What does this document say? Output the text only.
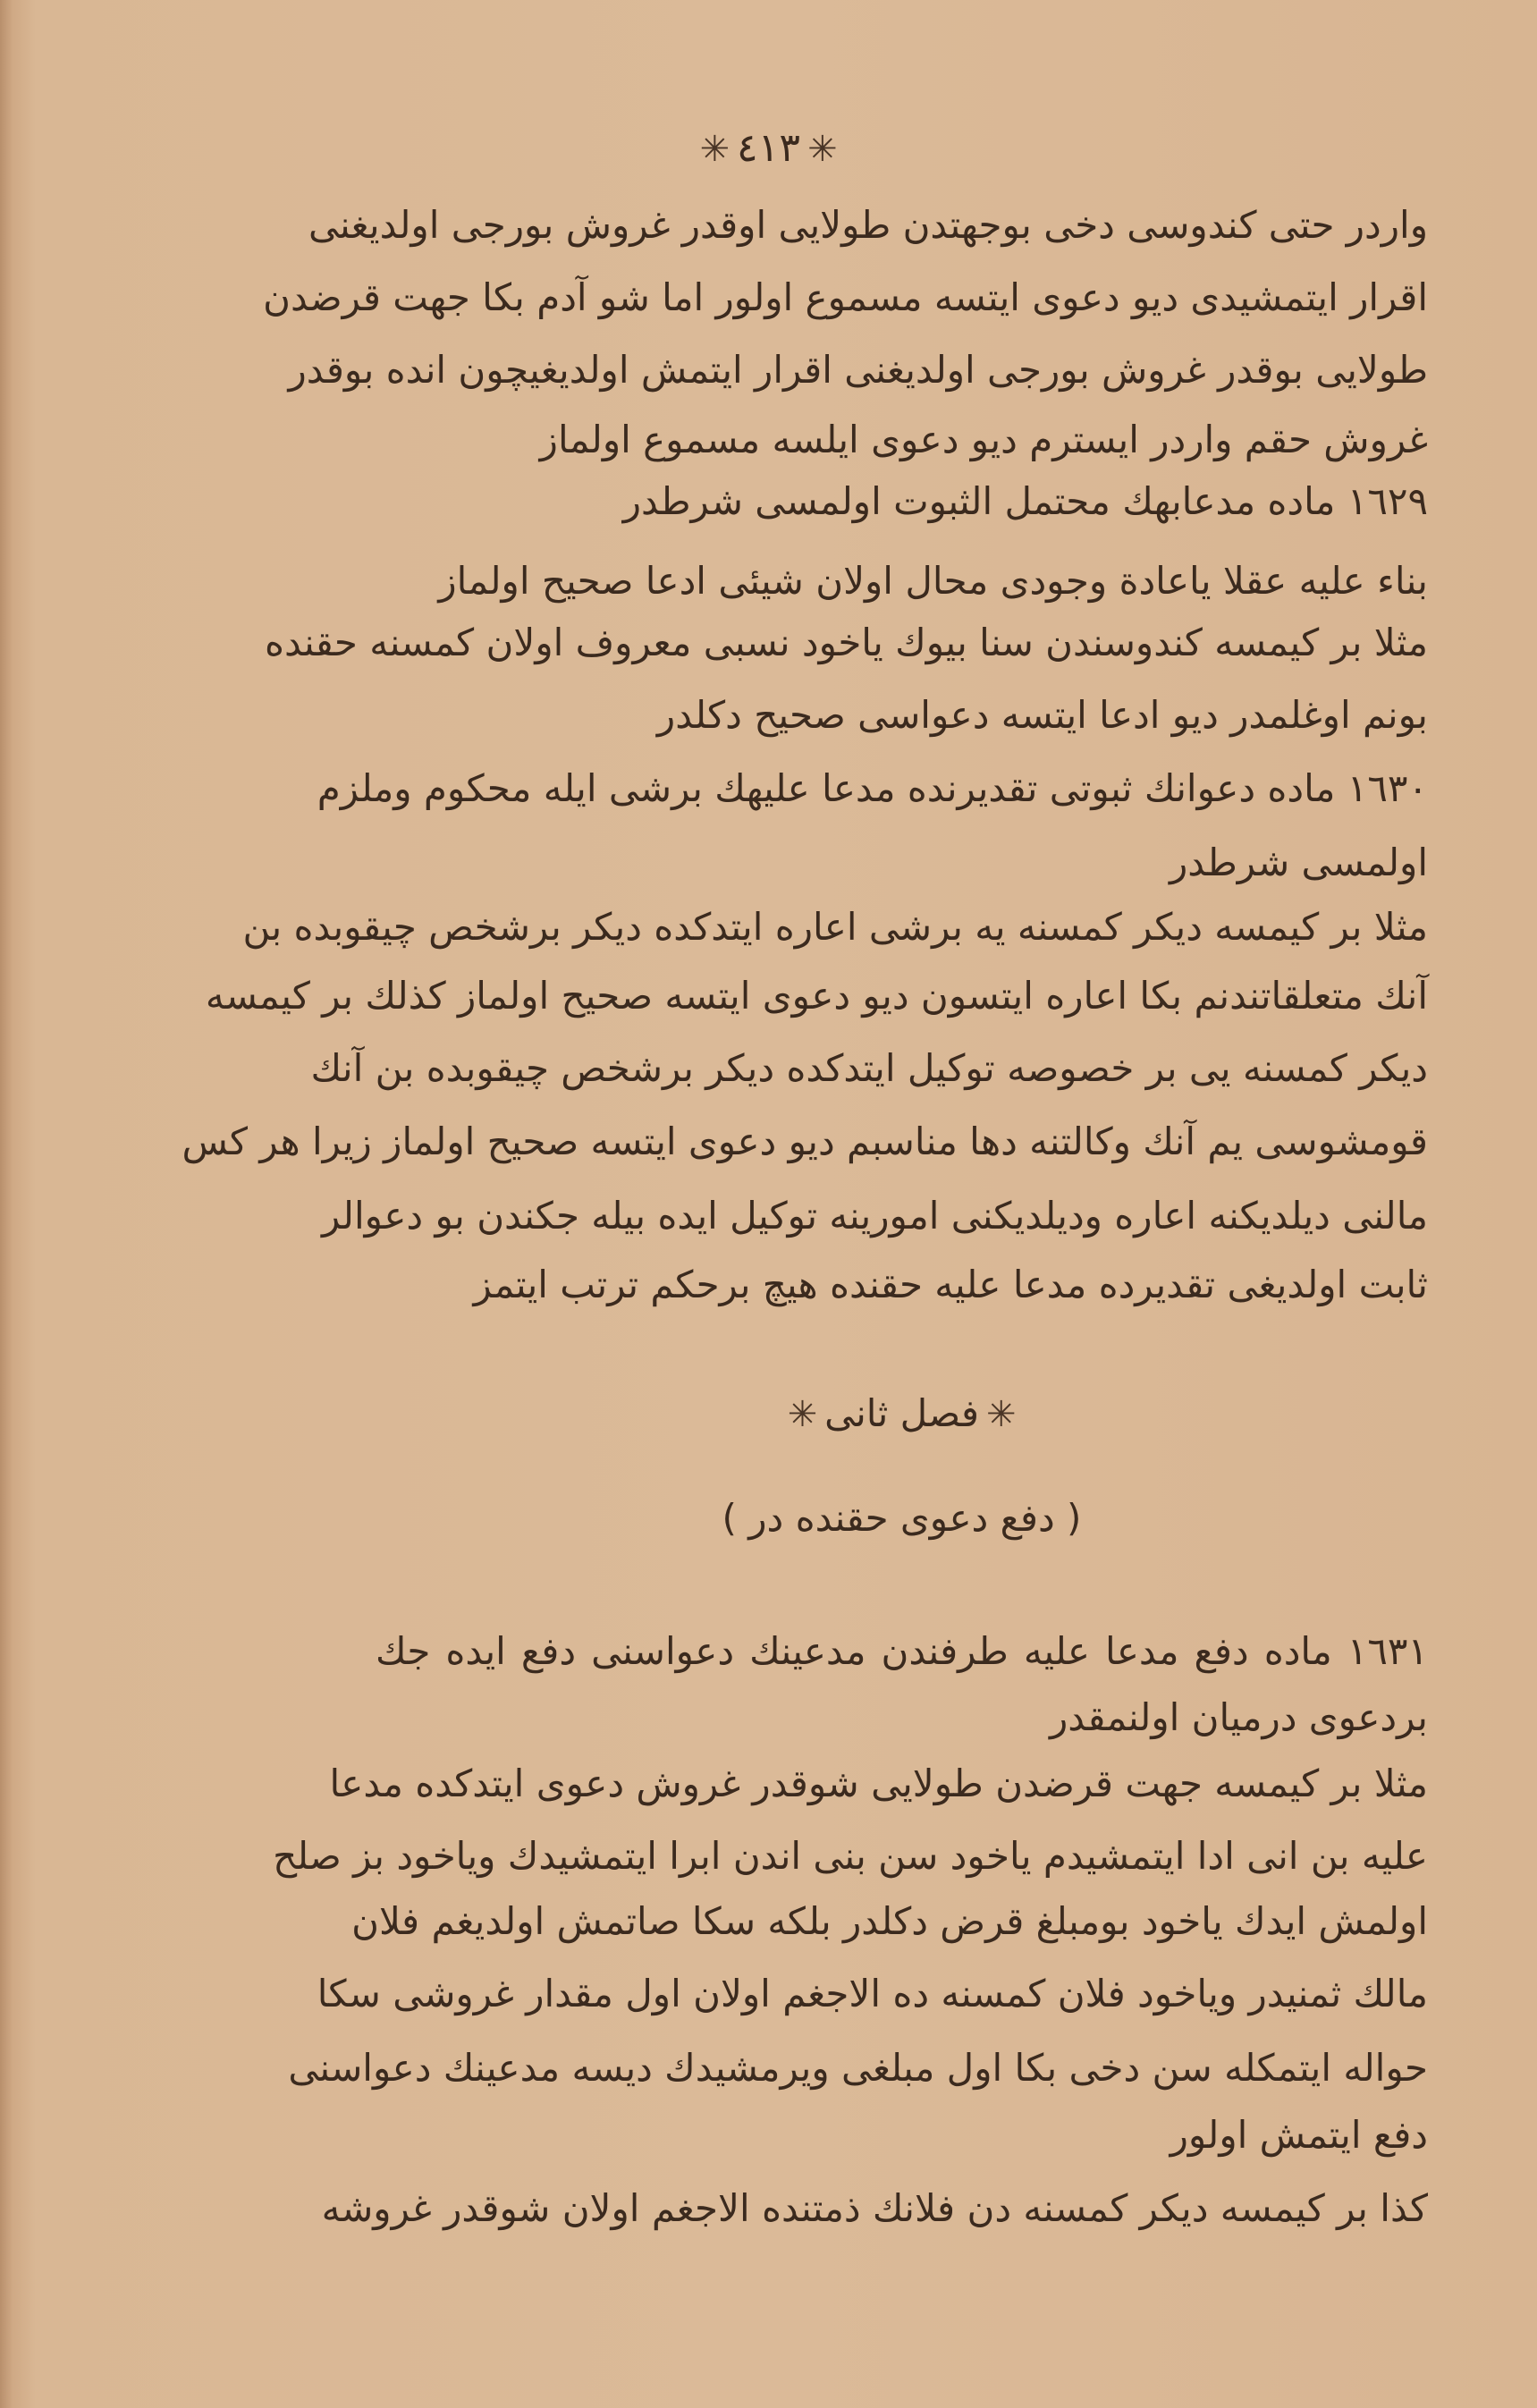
✳٤١٣✳
واردر حتى كندوسى دخى بوجهتدن طولايى اوقدر غروش بورجى اولديغنى
اقرار ايتمشيدى ديو دعوى ايتسه مسموع اولور اما شو آدم بكا جهت قرضدن
طولايى بوقدر غروش بورجى اولديغنى اقرار ايتمش اولديغيچون انده بوقدر
غروش حقم واردر ايسترم ديو دعوى ايلسه مسموع اولماز
١٦٢٩ ماده مدعابهك محتمل الثبوت اولمسى شرطدر
بناء عليه عقلا ياعادة وجودى محال اولان شيئى ادعا صحيح اولماز
مثلا بر كيمسه كندوسندن سنا بيوك ياخود نسبى معروف اولان كمسنه حقنده
بونم اوغلمدر ديو ادعا ايتسه دعواسى صحيح دكلدر
١٦٣٠ ماده دعوانك ثبوتى تقديرنده مدعا عليهك برشى ايله محكوم وملزم
اولمسى شرطدر
مثلا بر كيمسه ديكر كمسنه يه برشى اعاره ايتدكده ديكر برشخص چيقوبده بن
آنك متعلقاتندنم بكا اعاره ايتسون ديو دعوى ايتسه صحيح اولماز كذلك بر كيمسه
ديكر كمسنه يى بر خصوصه توكيل ايتدكده ديكر برشخص چيقوبده بن آنك
قومشوسى يم آنك وكالتنه دها مناسبم ديو دعوى ايتسه صحيح اولماز زيرا هر كس
مالنى ديلديكنه اعاره وديلديكنى امورينه توكيل ايده بيله جكندن بو دعوالر
ثابت اولديغى تقديرده مدعا عليه حقنده هيچ برحكم ترتب ايتمز
✳فصل ثانى✳
( دفع دعوى حقنده در )
١٦٣١ ماده دفع مدعا عليه طرفندن مدعينك دعواسنى دفع ايده جك
بردعوى درميان اولنمقدر
مثلا بر كيمسه جهت قرضدن طولايى شوقدر غروش دعوى ايتدكده مدعا
عليه بن انى ادا ايتمشيدم ياخود سن بنى اندن ابرا ايتمشيدك وياخود بز صلح
اولمش ايدك ياخود بومبلغ قرض دكلدر بلكه سكا صاتمش اولديغم فلان
مالك ثمنيدر وياخود فلان كمسنه ده الاجغم اولان اول مقدار غروشى سكا
حواله ايتمكله سن دخى بكا اول مبلغى ويرمشيدك ديسه مدعينك دعواسنى
دفع ايتمش اولور
كذا بر كيمسه ديكر كمسنه دن فلانك ذمتنده الاجغم اولان شوقدر غروشه
